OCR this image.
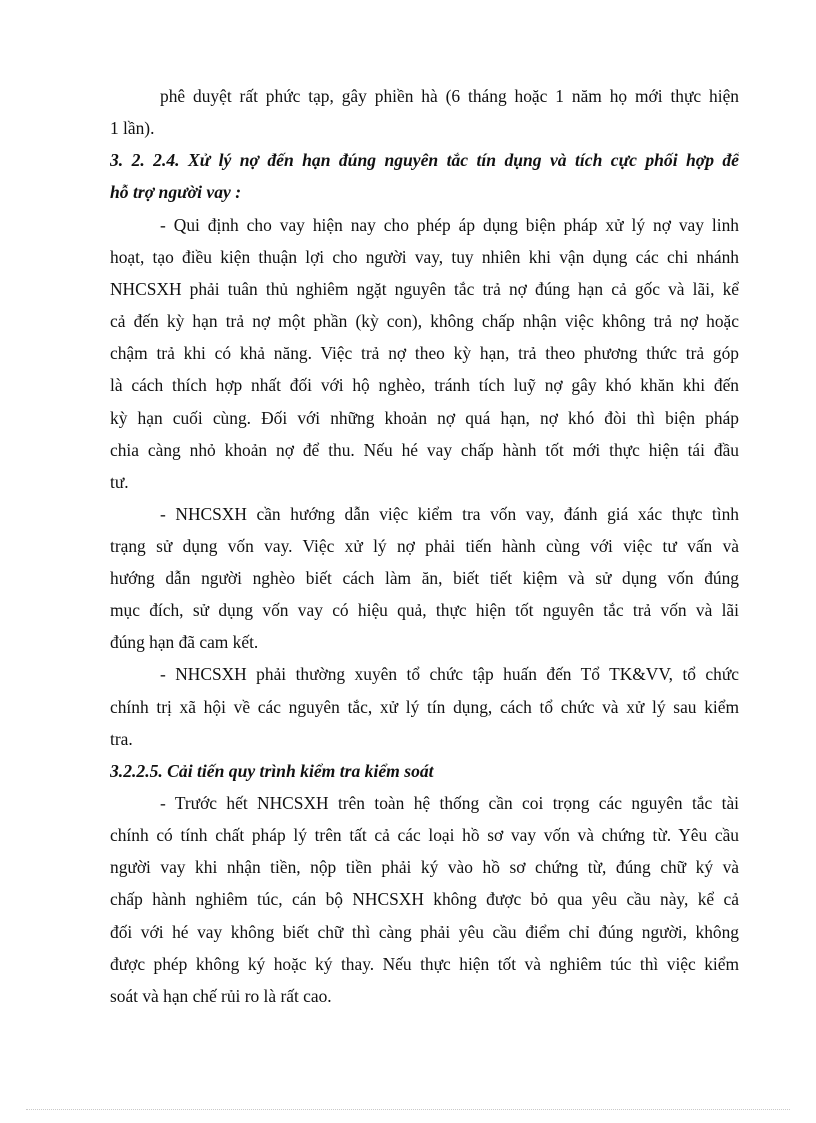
phê duyệt rất phức tạp, gây phiền hà (6 tháng hoặc 1 năm họ mới thực hiện
1 lần).
3. 2. 2.4. Xử lý nợ đến hạn đúng nguyên tắc tín dụng và tích cực phối hợp để
hỗ trợ người vay :
- Qui định cho vay hiện nay cho phép áp dụng biện pháp xử lý nợ vay linh
hoạt, tạo điều kiện thuận lợi cho người vay, tuy nhiên khi vận dụng các chi nhánh
NHCSXH phải tuân thủ nghiêm ngặt nguyên tắc trả nợ đúng hạn cả gốc và lãi, kể
cả đến kỳ hạn trả nợ một phần (kỳ con), không chấp nhận việc không trả nợ hoặc
chậm trả khi có khả năng. Việc trả nợ theo kỳ hạn, trả theo phương thức trả góp
là cách thích hợp nhất đối với hộ nghèo, tránh tích luỹ nợ gây khó khăn khi đến
kỳ hạn cuối cùng. Đối với những khoản nợ quá hạn, nợ khó đòi thì biện pháp
chia càng nhỏ khoản nợ để thu. Nếu hé vay chấp hành tốt mới thực hiện tái đầu
tư.
- NHCSXH cần hướng dẫn việc kiểm tra vốn vay, đánh giá xác thực tình
trạng sử dụng vốn vay. Việc xử lý nợ phải tiến hành cùng với việc tư vấn và
hướng dẫn người nghèo biết cách làm ăn, biết tiết kiệm và sử dụng vốn đúng
mục đích, sử dụng vốn vay có hiệu quả, thực hiện tốt nguyên tắc trả vốn và lãi
đúng hạn đã cam kết.
- NHCSXH phải thường xuyên tổ chức tập huấn đến Tổ TK&VV, tổ chức
chính trị xã hội về các nguyên tắc, xử lý tín dụng, cách tổ chức và xử lý sau kiểm
tra.
3.2.2.5. Cải tiến quy trình kiểm tra kiểm soát
- Trước hết NHCSXH trên toàn hệ thống cần coi trọng các nguyên tắc tài
chính có tính chất pháp lý trên tất cả các loại hồ sơ vay vốn và chứng từ. Yêu cầu
người vay khi nhận tiền, nộp tiền phải ký vào hồ sơ chứng từ, đúng chữ ký và
chấp hành nghiêm túc, cán bộ NHCSXH không được bỏ qua yêu cầu này, kể cả
đối với hé vay không biết chữ thì càng phải yêu cầu điểm chỉ đúng người, không
được phép không ký hoặc ký thay. Nếu thực hiện tốt và nghiêm túc thì việc kiểm
soát và hạn chế rủi ro là rất cao.
